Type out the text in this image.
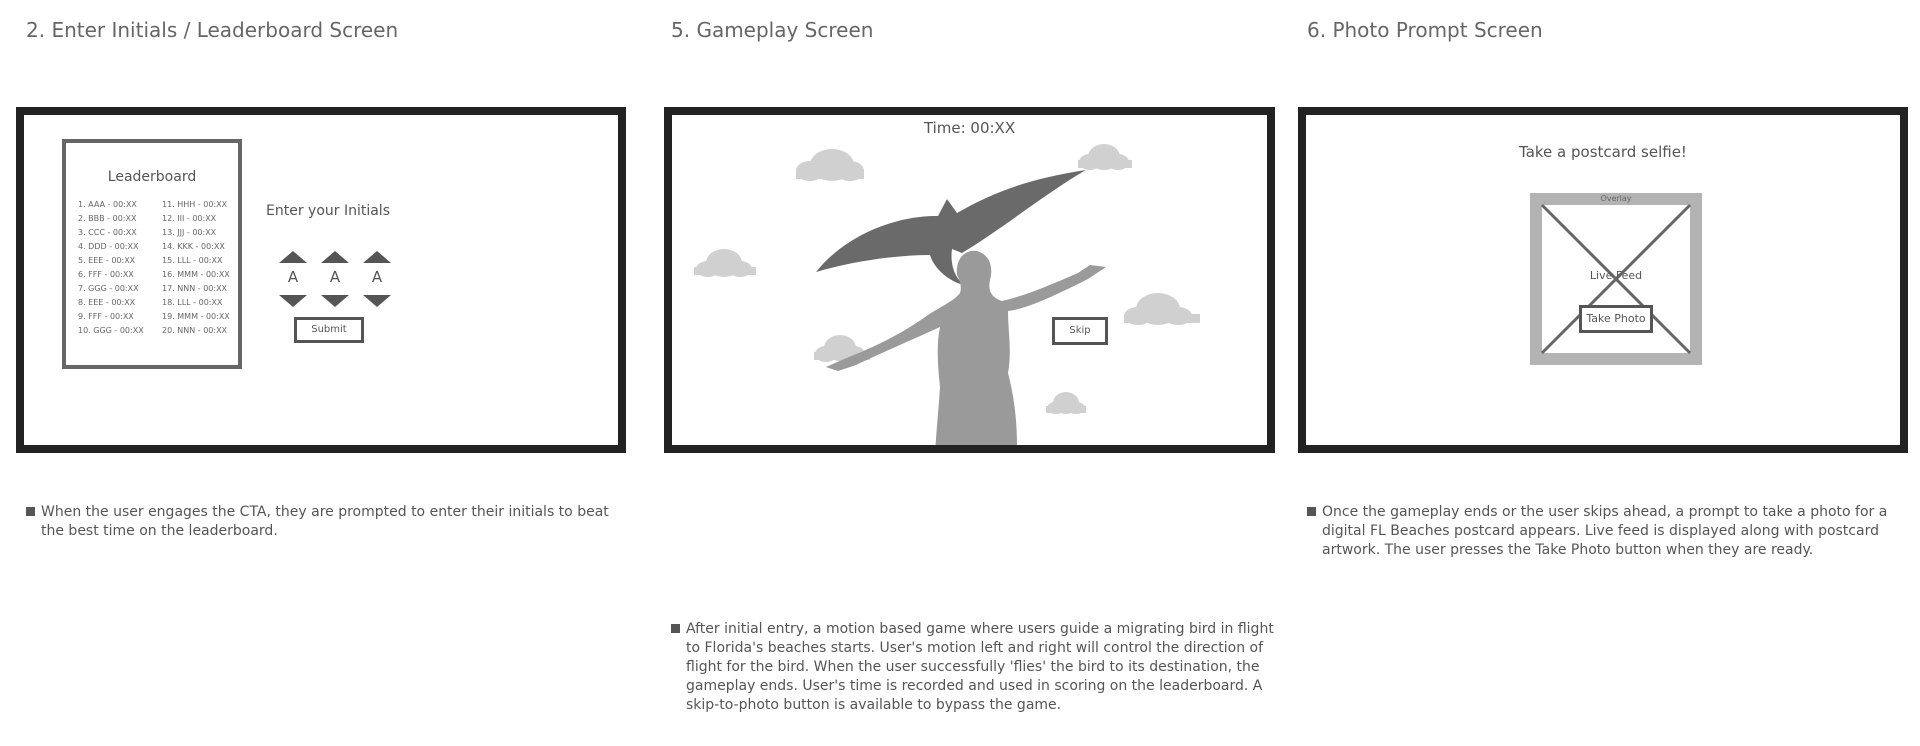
2. Enter Initials / Leaderboard Screen	5. Gameplay Screen	6. Photo Prompt Screen
Leaderboard
1. AAA - 00:XX
2. BBB - 00:XX
3. CCC - 00:XX
4. DDD - 00:XX
5. EEE - 00:XX
6. FFF - 00:XX
7. GGG - 00:XX
8. EEE - 00:XX
9. FFF - 00:XX
10. GGG - 00:XX
11. HHH - 00:XX
12. III - 00:XX
13. JJJ - 00:XX
14. KKK - 00:XX
15. LLL - 00:XX
16. MMM - 00:XX
17. NNN - 00:XX
18. LLL - 00:XX
19. MMM - 00:XX
20. NNN - 00:XX
Enter your Initials
A	A	A
Submit
Time: 00:XX
Skip
Take a postcard selfie!
Overlay
Live Feed
Take Photo
When the user engages the CTA, they are prompted to enter their initials to beat the best time on the leaderboard.
After initial entry, a motion based game where users guide a migrating bird in flight to Florida's beaches starts. User's motion left and right will control the direction of flight for the bird. When the user successfully 'flies' the bird to its destination, the gameplay ends. User's time is recorded and used in scoring on the leaderboard. A skip-to-photo button is available to bypass the game.
Once the gameplay ends or the user skips ahead, a prompt to take a photo for a digital FL Beaches postcard appears. Live feed is displayed along with postcard artwork. The user presses the Take Photo button when they are ready.
